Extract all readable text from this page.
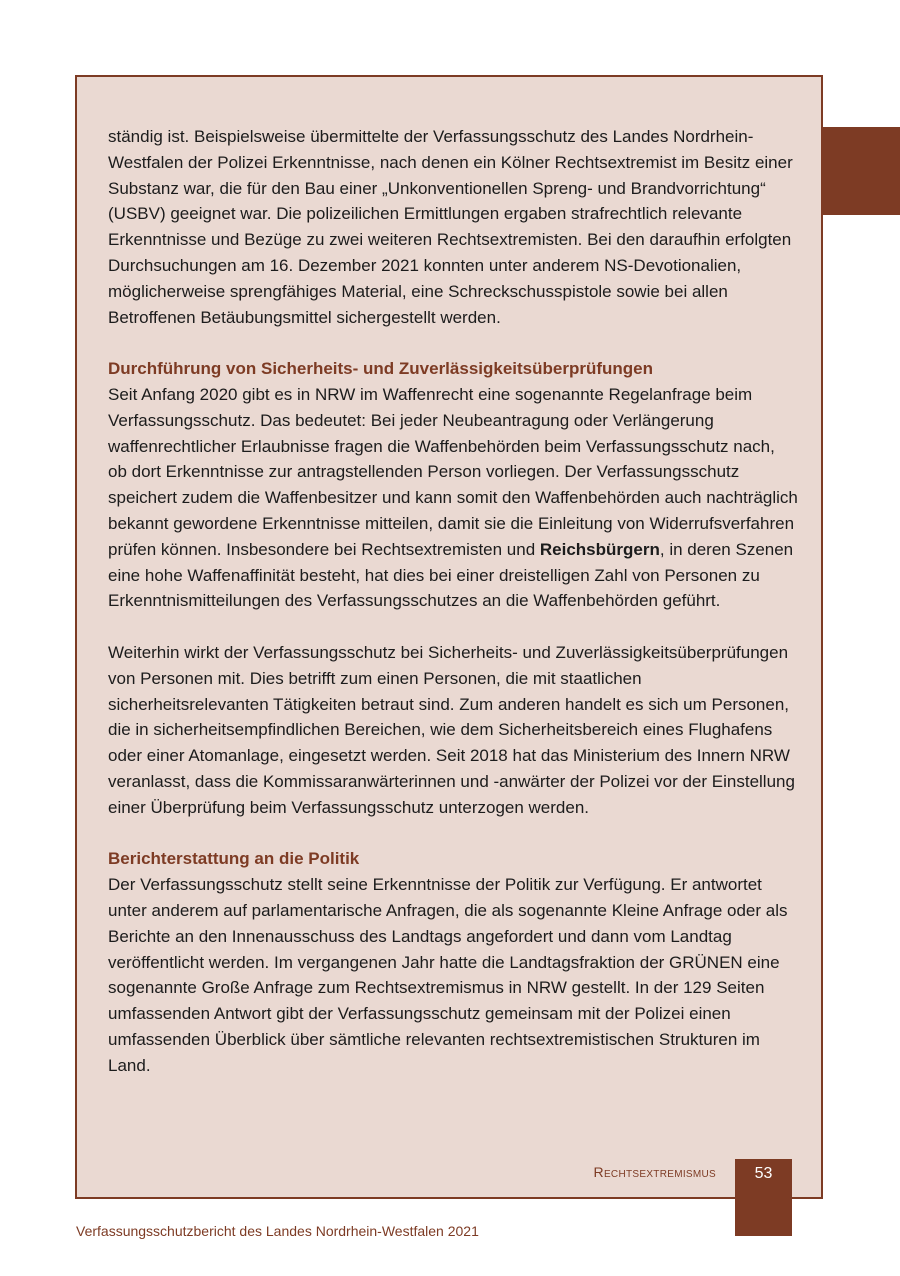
ständig ist. Beispielsweise übermittelte der Verfassungsschutz des Landes Nordrhein-Westfalen der Polizei Erkenntnisse, nach denen ein Kölner Rechtsextremist im Besitz einer Substanz war, die für den Bau einer „Unkonventionellen Spreng- und Brandvorrichtung“ (USBV) geeignet war. Die polizeilichen Ermittlungen ergaben strafrechtlich relevante Erkenntnisse und Bezüge zu zwei weiteren Rechtsextremisten. Bei den daraufhin erfolgten Durchsuchungen am 16. Dezember 2021 konnten unter anderem NS-Devotionalien, möglicherweise sprengfähiges Material, eine Schreckschusspistole sowie bei allen Betroffenen Betäubungsmittel sichergestellt werden.

Durchführung von Sicherheits- und Zuverlässigkeitsüberprüfungen

Seit Anfang 2020 gibt es in NRW im Waffenrecht eine sogenannte Regelanfrage beim Verfassungsschutz. Das bedeutet: Bei jeder Neubeantragung oder Verlängerung waffenrechtlicher Erlaubnisse fragen die Waffenbehörden beim Verfassungsschutz nach, ob dort Erkenntnisse zur antragstellenden Person vorliegen. Der Verfassungsschutz speichert zudem die Waffenbesitzer und kann somit den Waffenbehörden auch nachträglich bekannt gewordene Erkenntnisse mitteilen, damit sie die Einleitung von Widerrufsverfahren prüfen können. Insbesondere bei Rechtsextremisten und Reichsbürgern, in deren Szenen eine hohe Waffenaffinität besteht, hat dies bei einer dreistelligen Zahl von Personen zu Erkenntnismitteilungen des Verfassungsschutzes an die Waffenbehörden geführt.

Weiterhin wirkt der Verfassungsschutz bei Sicherheits- und Zuverlässigkeitsüberprüfungen von Personen mit. Dies betrifft zum einen Personen, die mit staatlichen sicherheitsrelevanten Tätigkeiten betraut sind. Zum anderen handelt es sich um Personen, die in sicherheitsempfindlichen Bereichen, wie dem Sicherheitsbereich eines Flughafens oder einer Atomanlage, eingesetzt werden. Seit 2018 hat das Ministerium des Innern NRW veranlasst, dass die Kommissaranwärterinnen und -anwärter der Polizei vor der Einstellung einer Überprüfung beim Verfassungsschutz unterzogen werden.

Berichterstattung an die Politik

Der Verfassungsschutz stellt seine Erkenntnisse der Politik zur Verfügung. Er antwortet unter anderem auf parlamentarische Anfragen, die als sogenannte Kleine Anfrage oder als Berichte an den Innenausschuss des Landtags angefordert und dann vom Landtag veröffentlicht werden. Im vergangenen Jahr hatte die Landtagsfraktion der GRÜNEN eine sogenannte Große Anfrage zum Rechtsextremismus in NRW gestellt. In der 129 Seiten umfassenden Antwort gibt der Verfassungsschutz gemeinsam mit der Polizei einen umfassenden Überblick über sämtliche relevanten rechtsextremistischen Strukturen im Land.

Rechtsextremismus	53
Verfassungsschutzbericht des Landes Nordrhein-Westfalen 2021
